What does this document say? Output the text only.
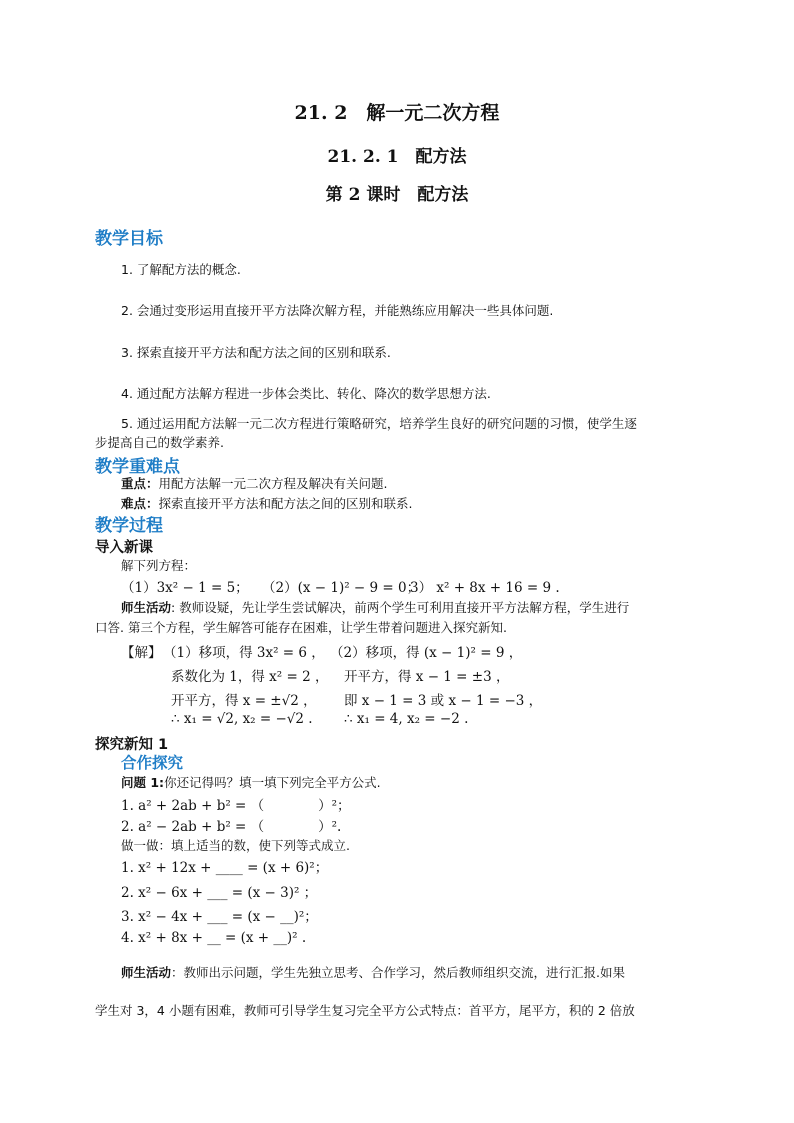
21. 2　解一元二次方程
21. 2. 1　配方法
第 2 课时　配方法
教学目标
1. 了解配方法的概念.
2. 会通过变形运用直接开平方法降次解方程，并能熟练应用解决一些具体问题.
3. 探索直接开平方法和配方法之间的区别和联系.
4. 通过配方法解方程进一步体会类比、转化、降次的数学思想方法.
5. 通过运用配方法解一元二次方程进行策略研究，培养学生良好的研究问题的习惯，使学生逐
步提高自己的数学素养.
教学重难点
重点：用配方法解一元二次方程及解决有关问题.
难点：探索直接开平方法和配方法之间的区别和联系.
教学过程
导入新课
解下列方程：
（1）3x² − 1 = 5； （2）(x − 1)² − 9 = 0；
3） x² + 8x + 16 = 9 .
师生活动: 教师设疑，先让学生尝试解决，前两个学生可利用直接开平方法解方程，学生进行
口答. 第三个方程，学生解答可能存在困难，让学生带着问题进入探究新知.
【解】 （1）移项，得 3x² = 6 ，
系数化为 1，得 x² = 2 ，
开平方，得 x = ±√2 ，
∴ x₁ = √2, x₂ = −√2 .
（2）移项，得 (x − 1)² = 9 ，
开平方，得 x − 1 = ±3 ，
即 x − 1 = 3 或 x − 1 = −3 ，
∴ x₁ = 4, x₂ = −2 .
探究新知 1
合作探究
问题 1:你还记得吗？填一填下列完全平方公式.
1. a² + 2ab + b² = （　　　　）²；
2. a² − 2ab + b² = （　　　　）².
做一做：填上适当的数，使下列等式成立.
1. x² + 12x + ____ = (x + 6)²；
2. x² − 6x + ___ = (x − 3)² ；
3. x² − 4x + ___ = (x − __)²；
4. x² + 8x + __ = (x + __)² .
师生活动：教师出示问题，学生先独立思考、合作学习，然后教师组织交流，进行汇报.如果
学生对 3，4 小题有困难，教师可引导学生复习完全平方公式特点：首平方，尾平方，积的 2 倍放
